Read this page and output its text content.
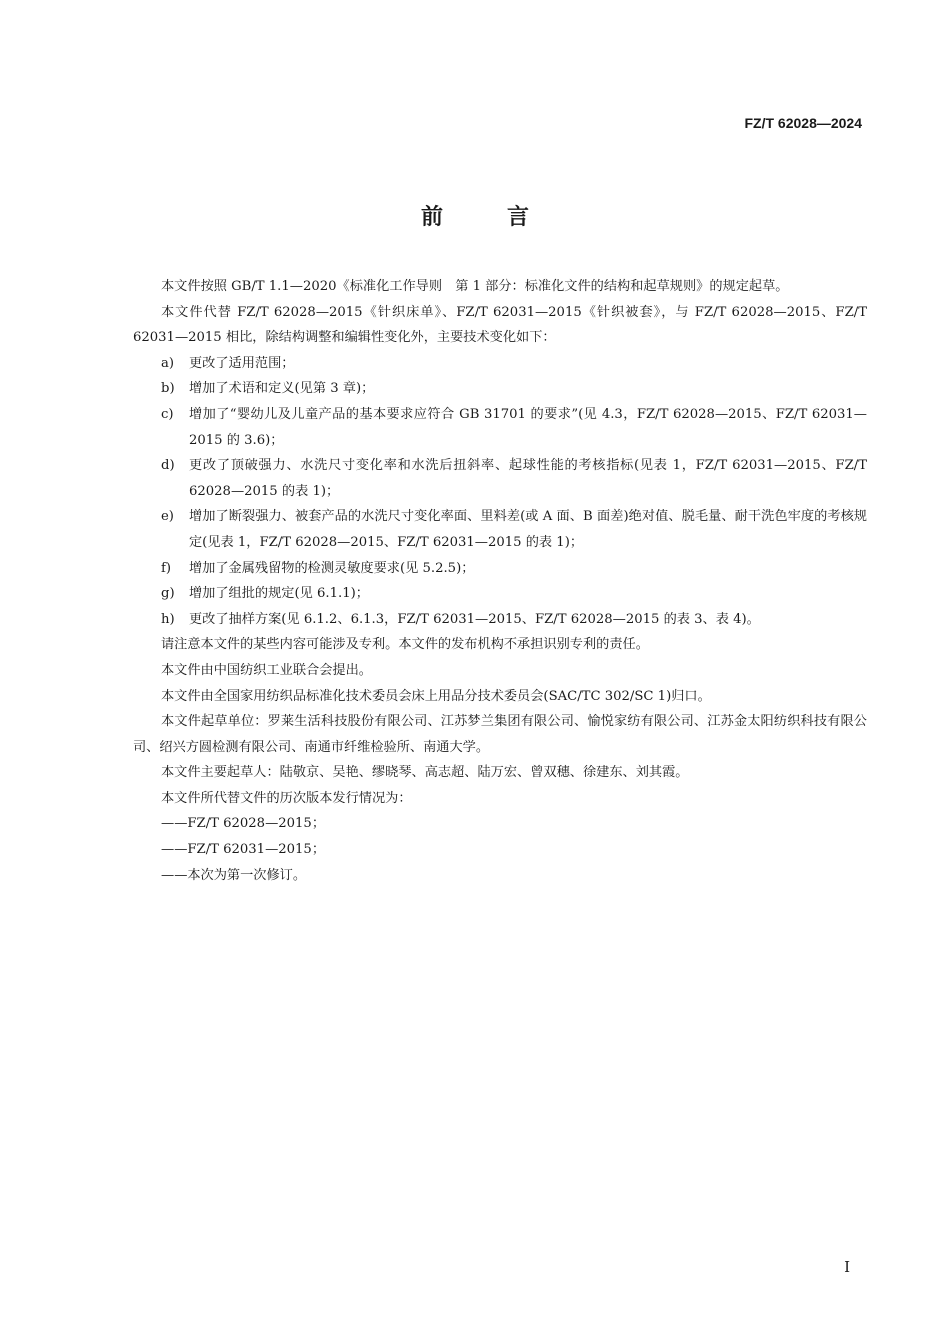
FZ/T 62028—2024
前言

本文件按照 GB/T 1.1—2020《标准化工作导则　第 1 部分：标准化文件的结构和起草规则》的规定起草。

本文件代替 FZ/T 62028—2015《针织床单》、FZ/T 62031—2015《针织被套》，与 FZ/T 62028—2015、FZ/T 62031—2015 相比，除结构调整和编辑性变化外，主要技术变化如下：

a)	更改了适用范围；
b)	增加了术语和定义(见第 3 章)；
c)	增加了“婴幼儿及儿童产品的基本要求应符合 GB 31701 的要求”(见 4.3，FZ/T 62028—2015、FZ/T 62031—2015 的 3.6)；
d)	更改了顶破强力、水洗尺寸变化率和水洗后扭斜率、起球性能的考核指标(见表 1，FZ/T 62031—2015、FZ/T 62028—2015 的表 1)；
e)	增加了断裂强力、被套产品的水洗尺寸变化率面、里料差(或 A 面、B 面差)绝对值、脱毛量、耐干洗色牢度的考核规定(见表 1，FZ/T 62028—2015、FZ/T 62031—2015 的表 1)；
f)	增加了金属残留物的检测灵敏度要求(见 5.2.5)；
g)	增加了组批的规定(见 6.1.1)；
h)	更改了抽样方案(见 6.1.2、6.1.3，FZ/T 62031—2015、FZ/T 62028—2015 的表 3、表 4)。

请注意本文件的某些内容可能涉及专利。本文件的发布机构不承担识别专利的责任。

本文件由中国纺织工业联合会提出。

本文件由全国家用纺织品标准化技术委员会床上用品分技术委员会(SAC/TC 302/SC 1)归口。

本文件起草单位：罗莱生活科技股份有限公司、江苏梦兰集团有限公司、愉悦家纺有限公司、江苏金太阳纺织科技有限公司、绍兴方圆检测有限公司、南通市纤维检验所、南通大学。

本文件主要起草人：陆敬京、吴艳、缪晓琴、高志超、陆万宏、曾双穗、徐建东、刘其霞。

本文件所代替文件的历次版本发行情况为：

——FZ/T 62028—2015；

——FZ/T 62031—2015；

——本次为第一次修订。

I
